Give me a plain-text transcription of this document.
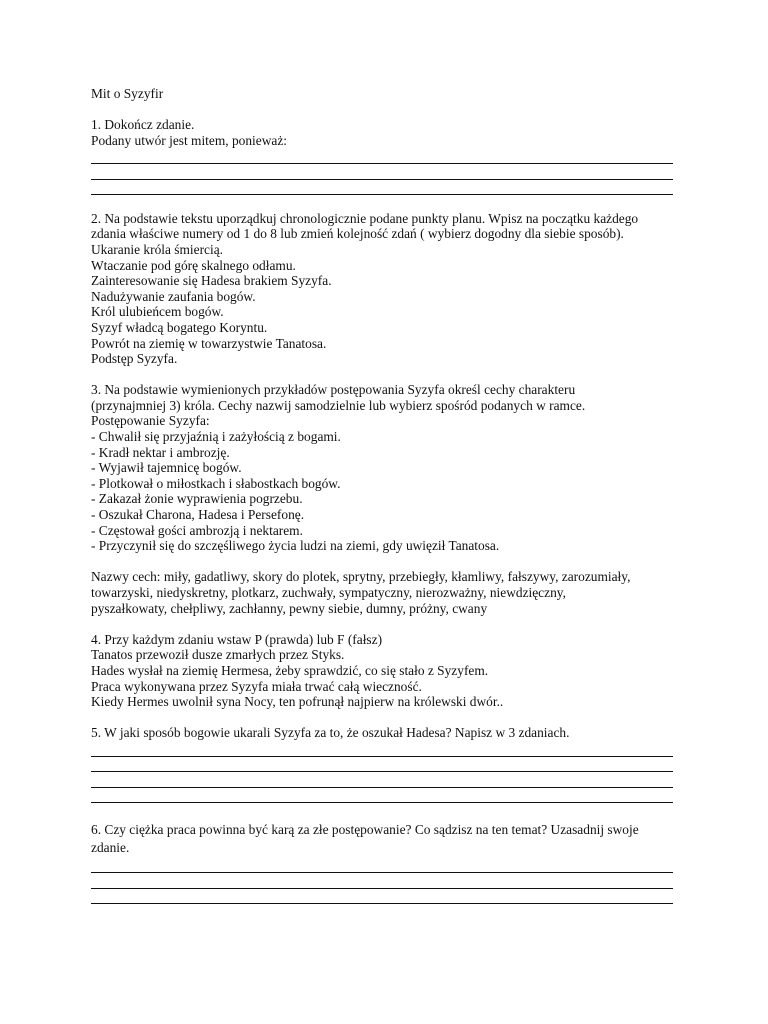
Mit o Syzyfir
1. Dokończ zdanie.
Podany utwór jest mitem, ponieważ:
2. Na podstawie tekstu uporządkuj chronologicznie podane punkty planu. Wpisz na początku każdego
zdania właściwe numery od 1 do 8 lub zmień kolejność zdań ( wybierz dogodny dla siebie sposób).
Ukaranie króla śmiercią.
Wtaczanie pod górę skalnego odłamu.
Zainteresowanie się Hadesa brakiem Syzyfa.
Nadużywanie zaufania bogów.
Król ulubieńcem bogów.
Syzyf władcą bogatego Koryntu.
Powrót na ziemię w towarzystwie Tanatosa.
Podstęp Syzyfa.
3. Na podstawie wymienionych przykładów postępowania Syzyfa określ cechy charakteru
(przynajmniej 3) króla. Cechy nazwij samodzielnie lub wybierz spośród podanych w ramce.
Postępowanie Syzyfa:
- Chwalił się przyjaźnią i zażyłością z bogami.
- Kradł nektar i ambrozję.
- Wyjawił tajemnicę bogów.
- Plotkował o miłostkach i słabostkach bogów.
- Zakazał żonie wyprawienia pogrzebu.
- Oszukał Charona, Hadesa i Persefonę.
- Częstował gości ambrozją i nektarem.
- Przyczynił się do szczęśliwego życia ludzi na ziemi, gdy uwięził Tanatosa.
Nazwy cech: miły, gadatliwy, skory do plotek, sprytny, przebiegły, kłamliwy, fałszywy, zarozumiały,
towarzyski, niedyskretny, plotkarz, zuchwały, sympatyczny, nierozważny, niewdzięczny,
pyszałkowaty, chełpliwy, zachłanny, pewny siebie, dumny, próżny, cwany
4. Przy każdym zdaniu wstaw P (prawda) lub F (fałsz)
Tanatos przewoził dusze zmarłych przez Styks.
Hades wysłał na ziemię Hermesa, żeby sprawdzić, co się stało z Syzyfem.
Praca wykonywana przez Syzyfa miała trwać całą wieczność.
Kiedy Hermes uwolnił syna Nocy, ten pofrunął najpierw na królewski dwór..
5. W jaki sposób bogowie ukarali Syzyfa za to, że oszukał Hadesa? Napisz w 3 zdaniach.
6. Czy ciężka praca powinna być karą za złe postępowanie? Co sądzisz na ten temat? Uzasadnij swoje
zdanie.
